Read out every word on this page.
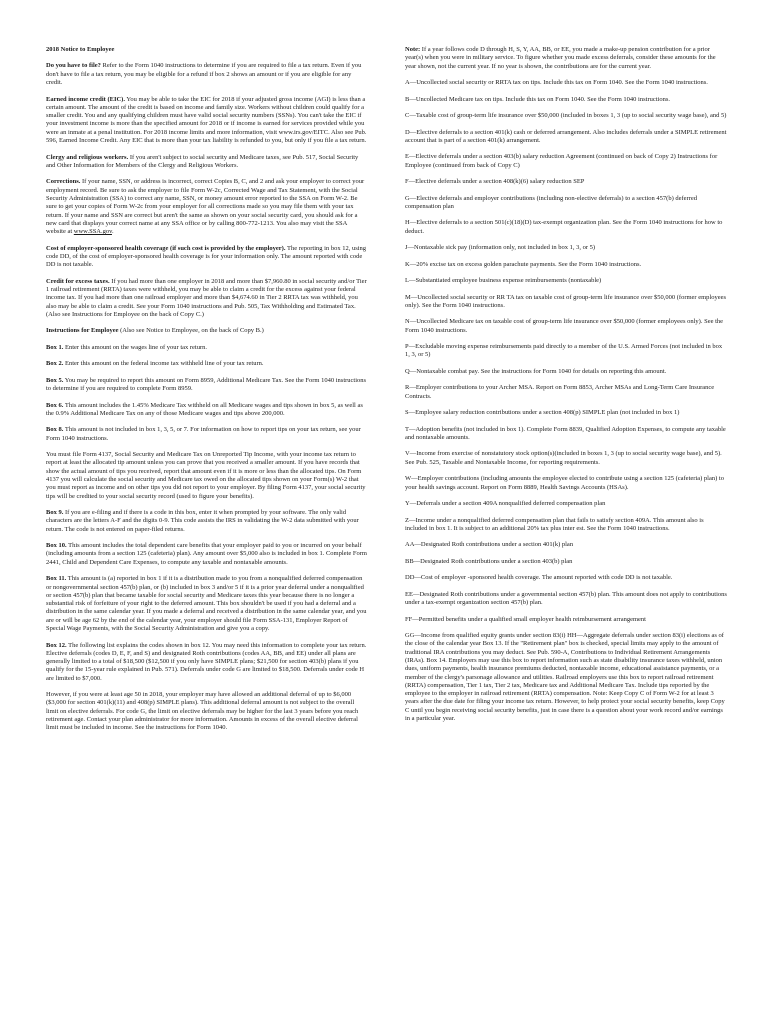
2018 Notice to Employee

Do you have to file? Refer to the Form 1040 instructions to determine if you are required to file a tax return. Even if you don't have to file a tax return, you may be eligible for a refund if box 2 shows an amount or if you are eligible for any credit.

Earned income credit (EIC). You may be able to take the EIC for 2018 if your adjusted gross income (AGI) is less than a certain amount. The amount of the credit is based on income and family size. Workers without children could qualify for a smaller credit. You and any qualifying children must have valid social security numbers (SSNs). You can't take the EIC if your investment income is more than the specified amount for 2018 or if income is earned for services provided while you were an inmate at a penal institution. For 2018 income limits and more information, visit www.irs.gov/EITC. Also see Pub. 596, Earned Income Credit. Any EIC that is more than your tax liability is refunded to you, but only if you file a tax return.

Clergy and religious workers. If you aren't subject to social security and Medicare taxes, see Pub. 517, Social Security and Other Information for Members of the Clergy and Religious Workers.

Corrections. If your name, SSN, or address is incorrect, correct Copies B, C, and 2 and ask your employer to correct your employment record. Be sure to ask the employer to file Form W-2c, Corrected Wage and Tax Statement, with the Social Security Administration (SSA) to correct any name, SSN, or money amount error reported to the SSA on Form W-2. Be sure to get your copies of Form W-2c from your employer for all corrections made so you may file them with your tax return. If your name and SSN are correct but aren't the same as shown on your social security card, you should ask for a new card that displays your correct name at any SSA office or by calling 800-772-1213. You also may visit the SSA website at www.SSA.gov.

Cost of employer-sponsored health coverage (if such cost is provided by the employer). The reporting in box 12, using code DD, of the cost of employer-sponsored health coverage is for your information only. The amount reported with code DD is not taxable.

Credit for excess taxes. If you had more than one employer in 2018 and more than $7,960.80 in social security and/or Tier 1 railroad retirement (RRTA) taxes were withheld, you may be able to claim a credit for the excess against your federal income tax. If you had more than one railroad employer and more than $4,674.60 in Tier 2 RRTA tax was withheld, you also may be able to claim a credit. See your Form 1040 instructions and Pub. 505, Tax Withholding and Estimated Tax. (Also see Instructions for Employee on the back of Copy C.)

Instructions for Employee (Also see Notice to Employee, on the back of Copy B.)

Box 1. Enter this amount on the wages line of your tax return.

Box 2. Enter this amount on the federal income tax withheld line of your tax return.

Box 5. You may be required to report this amount on Form 8959, Additional Medicare Tax. See the Form 1040 instructions to determine if you are required to complete Form 8959.

Box 6. This amount includes the 1.45% Medicare Tax withheld on all Medicare wages and tips shown in box 5, as well as the 0.9% Additional Medicare Tax on any of those Medicare wages and tips above 200,000.

Box 8. This amount is not included in box 1, 3, 5, or 7. For information on how to report tips on your tax return, see your Form 1040 instructions.

You must file Form 4137, Social Security and Medicare Tax on Unreported Tip Income, with your income tax return to report at least the allocated tip amount unless you can prove that you received a smaller amount. If you have records that show the actual amount of tips you received, report that amount even if it is more or less than the allocated tips. On Form 4137 you will calculate the social security and Medicare tax owed on the allocated tips shown on your Form(s) W-2 that you must report as income and on other tips you did not report to your employer. By filing Form 4137, your social security tips will be credited to your social security record (used to figure your benefits).

Box 9. If you are e-filing and if there is a code in this box, enter it when prompted by your software. The only valid characters are the letters A-F and the digits 0-9. This code assists the IRS in validating the W-2 data submitted with your return. The code is not entered on paper-filed returns.

Box 10. This amount includes the total dependent care benefits that your employer paid to you or incurred on your behalf (including amounts from a section 125 (cafeteria) plan). Any amount over $5,000 also is included in box 1. Complete Form 2441, Child and Dependent Care Expenses, to compute any taxable and nontaxable amounts.

Box 11. This amount is (a) reported in box 1 if it is a distribution made to you from a nonqualified deferred compensation or nongovernmental section 457(b) plan, or (b) included in box 3 and/or 5 if it is a prior year deferral under a nonqualified or section 457(b) plan that became taxable for social security and Medicare taxes this year because there is no longer a substantial risk of forfeiture of your right to the deferred amount. This box shouldn't be used if you had a deferral and a distribution in the same calendar year. If you made a deferral and received a distribution in the same calendar year, and you are or will be age 62 by the end of the calendar year, your employer should file Form SSA-131, Employer Report of Special Wage Payments, with the Social Security Administration and give you a copy.

Box 12. The following list explains the codes shown in box 12. You may need this information to complete your tax return. Elective deferrals (codes D, E, F, and S) and designated Roth contributions (codes AA, BB, and EE) under all plans are generally limited to a total of $18,500 ($12,500 if you only have SIMPLE plans; $21,500 for section 403(b) plans if you qualify for the 15-year rule explained in Pub. 571). Deferrals under code G are limited to $18,500. Deferrals under code H are limited to $7,000.

However, if you were at least age 50 in 2018, your employer may have allowed an additional deferral of up to $6,000 ($3,000 for section 401(k)(11) and 408(p) SIMPLE plans). This additional deferral amount is not subject to the overall limit on elective deferrals. For code G, the limit on elective deferrals may be higher for the last 3 years before you reach retirement age. Contact your plan administrator for more information. Amounts in excess of the overall elective deferral limit must be included in income. See the instructions for Form 1040.

Note: If a year follows code D through H, S, Y, AA, BB, or EE, you made a make-up pension contribution for a prior year(s) when you were in military service. To figure whether you made excess deferrals, consider these amounts for the year shown, not the current year. If no year is shown, the contributions are for the current year.

A—Uncollected social security or RRTA tax on tips. Include this tax on Form 1040. See the Form 1040 instructions.

B—Uncollected Medicare tax on tips. Include this tax on Form 1040. See the Form 1040 instructions.

C—Taxable cost of group-term life insurance over $50,000 (included in boxes 1, 3 (up to social security wage base), and 5)

D—Elective deferrals to a section 401(k) cash or deferred arrangement. Also includes deferrals under a SIMPLE retirement account that is part of a section 401(k) arrangement.

E—Elective deferrals under a section 403(b) salary reduction Agreement (continued on back of Copy 2) Instructions for Employee (continued from back of Copy C)

F—Elective deferrals under a section 408(k)(6) salary reduction SEP

G—Elective deferrals and employer contributions (including non-elective deferrals) to a section 457(b) deferred compensation plan

H—Elective deferrals to a section 501(c)(18)(D) tax-exempt organization plan. See the Form 1040 instructions for how to deduct.

J—Nontaxable sick pay (information only, not included in box 1, 3, or 5)

K—20% excise tax on excess golden parachute payments. See the Form 1040 instructions.

L—Substantiated employee business expense reimbursements (nontaxable)

M—Uncollected social security or RR TA tax on taxable cost of group-term life insurance over $50,000 (former employees only). See the Form 1040 instructions.

N—Uncollected Medicare tax on taxable cost of group-term life insurance over $50,000 (former employees only). See the Form 1040 instructions.

P—Excludable moving expense reimbursements paid directly to a member of the U.S. Armed Forces (not included in box 1, 3, or 5)

Q—Nontaxable combat pay. See the instructions for Form 1040 for details on reporting this amount.

R—Employer contributions to your Archer MSA. Report on Form 8853, Archer MSAs and Long-Term Care Insurance Contracts.

S—Employee salary reduction contributions under a section 408(p) SIMPLE plan (not included in box 1)

T—Adoption benefits (not included in box 1). Complete Form 8839, Qualified Adoption Expenses, to compute any taxable and nontaxable amounts.

V—Income from exercise of nonstatutory stock option(s)(included in boxes 1, 3 (up to social security wage base), and 5). See Pub. 525, Taxable and Nontaxable Income, for reporting requirements.

W—Employer contributions (including amounts the employee elected to contribute using a section 125 (cafeteria) plan) to your health savings account. Report on Form 8889, Health Savings Accounts (HSAs).

Y—Deferrals under a section 409A nonqualified deferred compensation plan

Z—Income under a nonqualified deferred compensation plan that fails to satisfy section 409A. This amount also is included in box 1. It is subject to an additional 20% tax plus inter est. See the Form 1040 instructions.

AA—Designated Roth contributions under a section 401(k) plan

BB—Designated Roth contributions under a section 403(b) plan

DD—Cost of employer -sponsored health coverage. The amount reported with code DD is not taxable.

EE—Designated Roth contributions under a governmental section 457(b) plan. This amount does not apply to contributions under a tax-exempt organization section 457(b) plan.

FF—Permitted benefits under a qualified small employer health reimbursement arrangement

GG—Income from qualified equity grants under section 83(i) HH—Aggregate deferrals under section 83(i) elections as of the close of the calendar year Box 13. If the "Retirement plan" box is checked, special limits may apply to the amount of traditional IRA contributions you may deduct. See Pub. 590-A, Contributions to Individual Retirement Arrangements (IRAs). Box 14. Employers may use this box to report information such as state disability insurance taxes withheld, union dues, uniform payments, health insurance premiums deducted, nontaxable income, educational assistance payments, or a member of the clergy's parsonage allowance and utilities. Railroad employers use this box to report railroad retirement (RRTA) compensation, Tier 1 tax, Tier 2 tax, Medicare tax and Additional Medicare Tax. Include tips reported by the employee to the employer in railroad retirement (RRTA) compensation. Note: Keep Copy C of Form W-2 for at least 3 years after the due date for filing your income tax return. However, to help protect your social security benefits, keep Copy C until you begin receiving social security benefits, just in case there is a question about your work record and/or earnings in a particular year.
